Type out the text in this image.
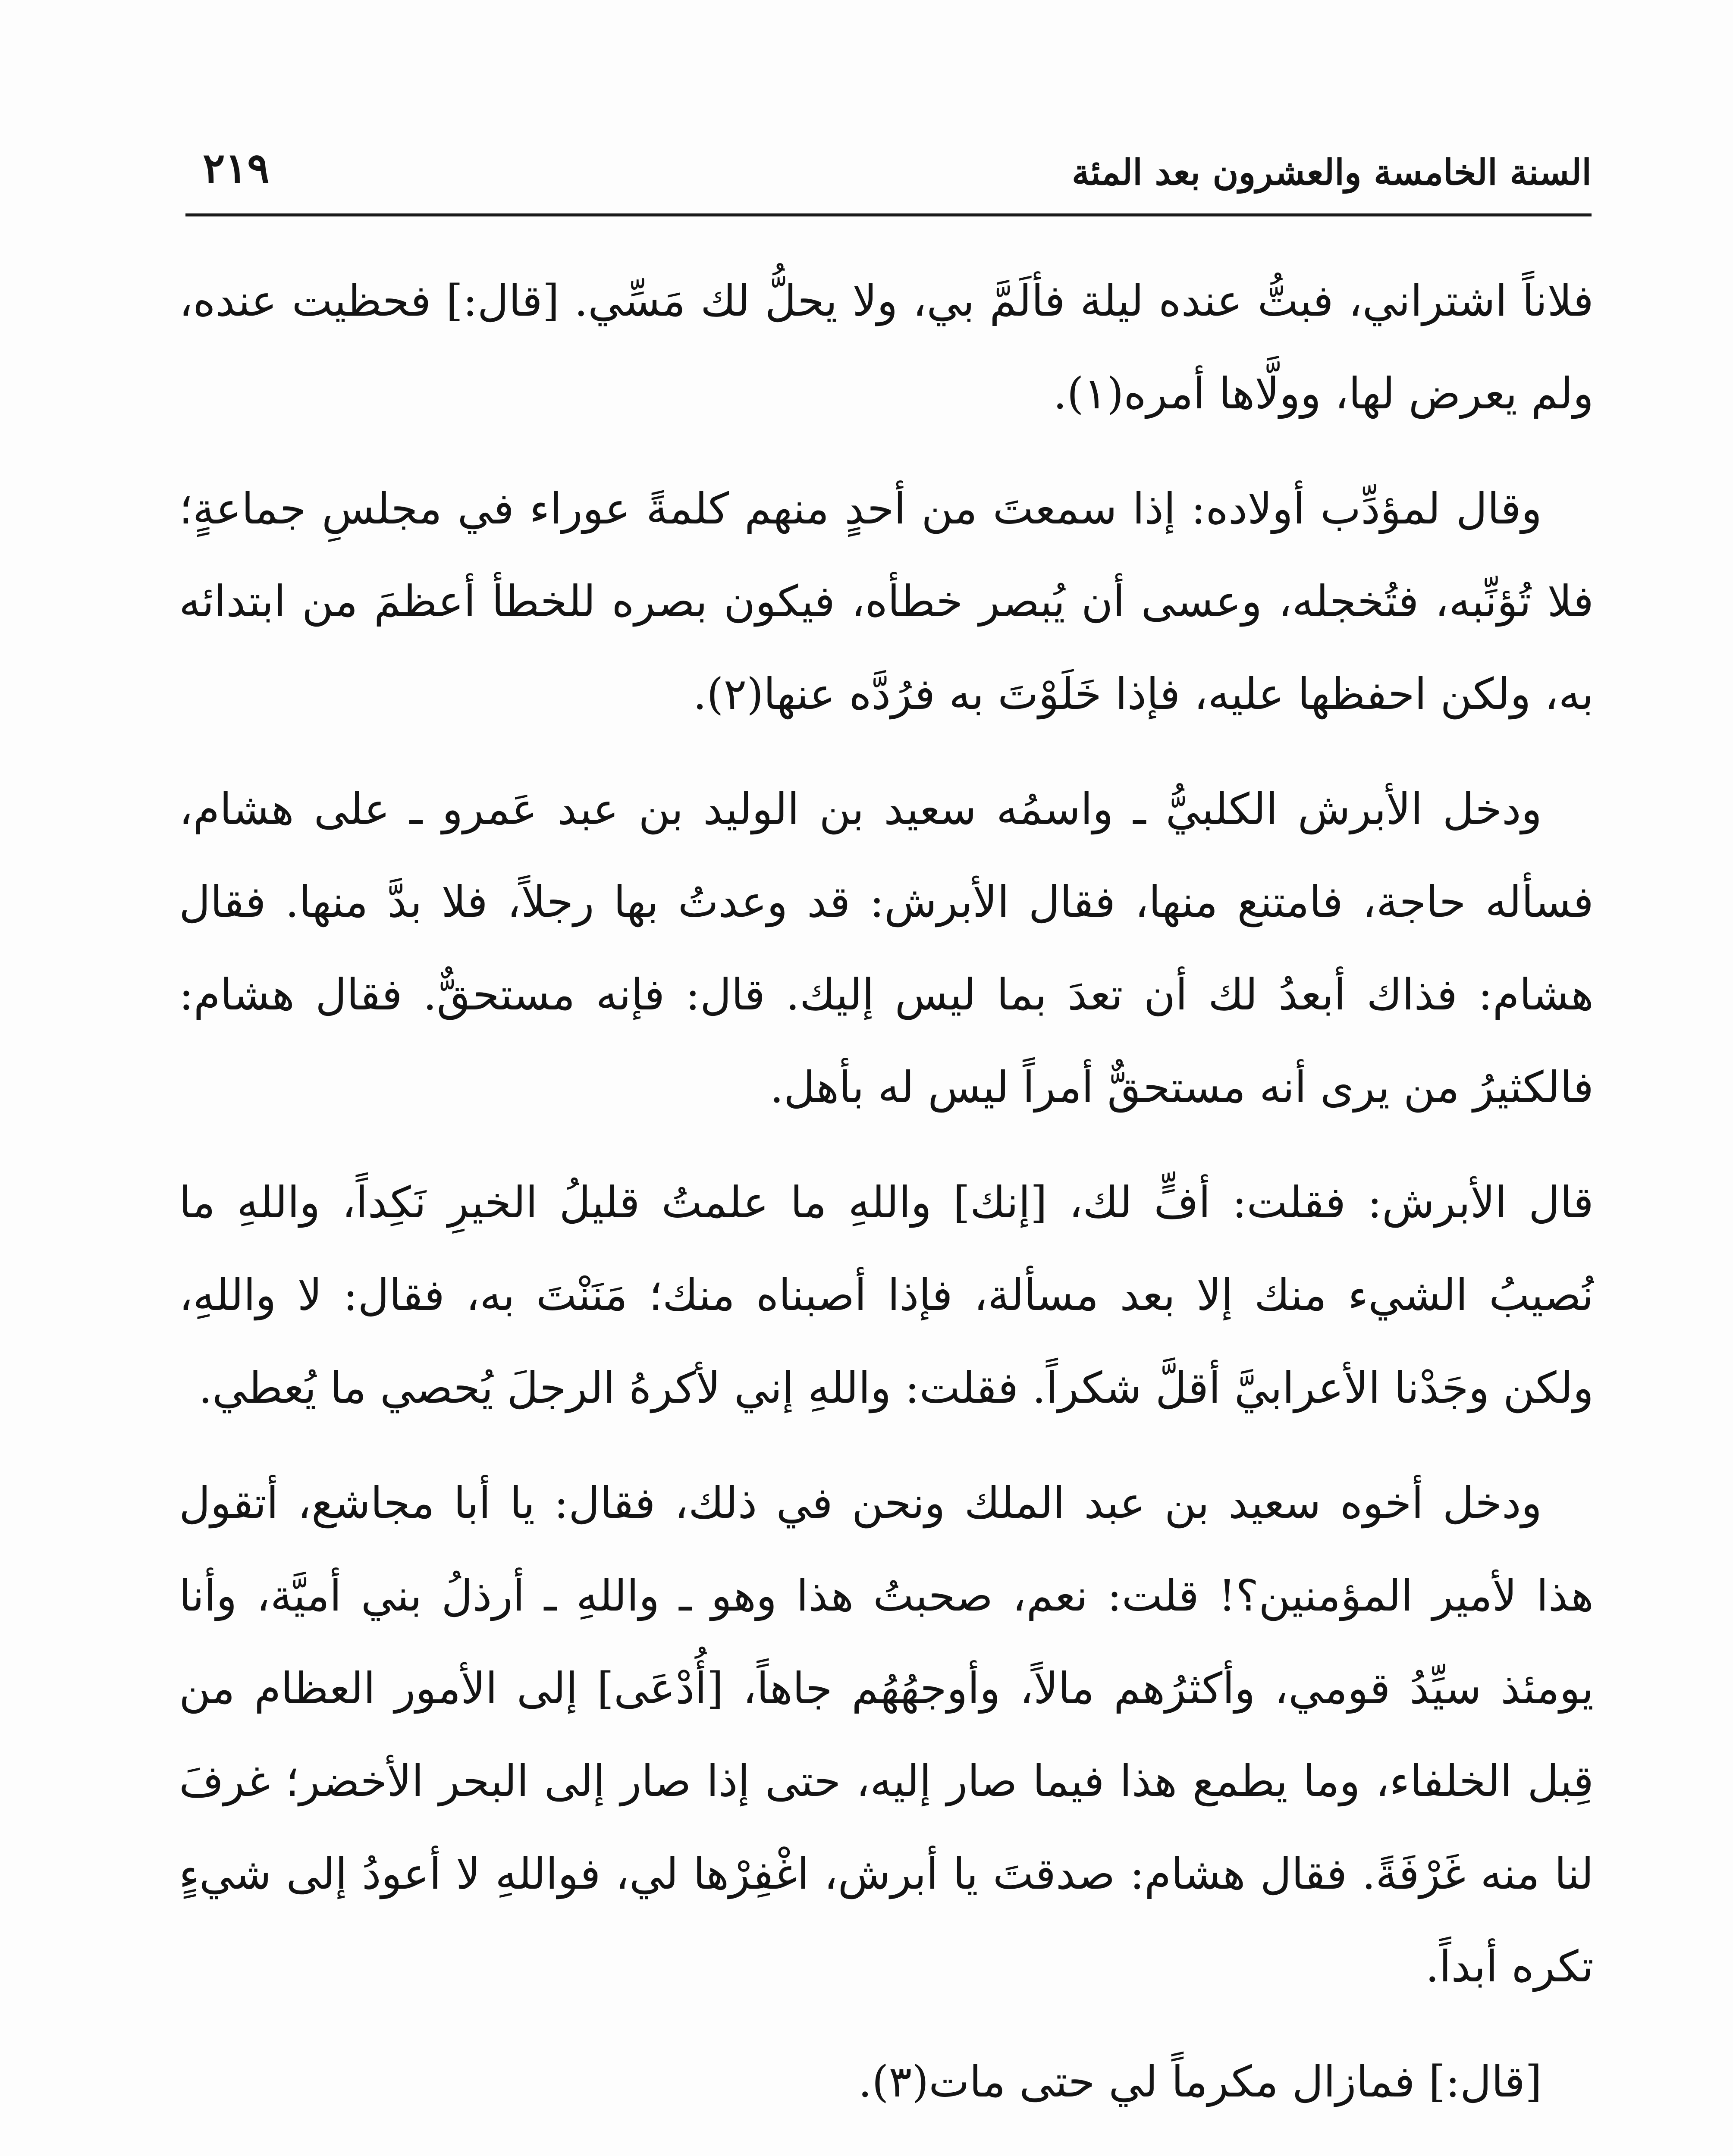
السنة الخامسة والعشرون بعد المئة
٢١٩

فلاناً اشتراني، فبتُّ عنده ليلة فألَمَّ بي، ولا يحلُّ لك مَسِّي. [قال:] فحظيت عنده، ولم يعرض لها، وولَّاها أمره(١).

وقال لمؤدِّب أولاده: إذا سمعتَ من أحدٍ منهم كلمةً عوراء في مجلسِ جماعةٍ؛ فلا تُؤنِّبه، فتُخجله، وعسى أن يُبصر خطأه، فيكون بصره للخطأ أعظمَ من ابتدائه به، ولكن احفظها عليه، فإذا خَلَوْتَ به فرُدَّه عنها(٢).

ودخل الأبرش الكلبيُّ ـ واسمُه سعيد بن الوليد بن عبد عَمرو ـ على هشام، فسأله حاجة، فامتنع منها، فقال الأبرش: قد وعدتُ بها رجلاً، فلا بدَّ منها. فقال هشام: فذاك أبعدُ لك أن تعدَ بما ليس إليك. قال: فإنه مستحقٌّ. فقال هشام: فالكثيرُ من يرى أنه مستحقٌّ أمراً ليس له بأهل.

قال الأبرش: فقلت: أفٍّ لك، [إنك] واللهِ ما علمتُ قليلُ الخيرِ نَكِداً، واللهِ ما نُصيبُ الشيء منك إلا بعد مسألة، فإذا أصبناه منك؛ مَنَنْتَ به، فقال: لا واللهِ، ولكن وجَدْنا الأعرابيَّ أقلَّ شكراً. فقلت: واللهِ إني لأكرهُ الرجلَ يُحصي ما يُعطي.

ودخل أخوه سعيد بن عبد الملك ونحن في ذلك، فقال: يا أبا مجاشع، أتقول هذا لأمير المؤمنين؟! قلت: نعم، صحبتُ هذا وهو ـ واللهِ ـ أرذلُ بني أميَّة، وأنا يومئذ سيِّدُ قومي، وأكثرُهم مالاً، وأوجهُهُم جاهاً، [أُدْعَى] إلى الأمور العظام من قِبل الخلفاء، وما يطمع هذا فيما صار إليه، حتى إذا صار إلى البحر الأخضر؛ غرفَ لنا منه غَرْفَةً. فقال هشام: صدقتَ يا أبرش، اغْفِرْها لي، فواللهِ لا أعودُ إلى شيءٍ تكره أبداً.

[قال:] فمازال مكرماً لي حتى مات(٣).
